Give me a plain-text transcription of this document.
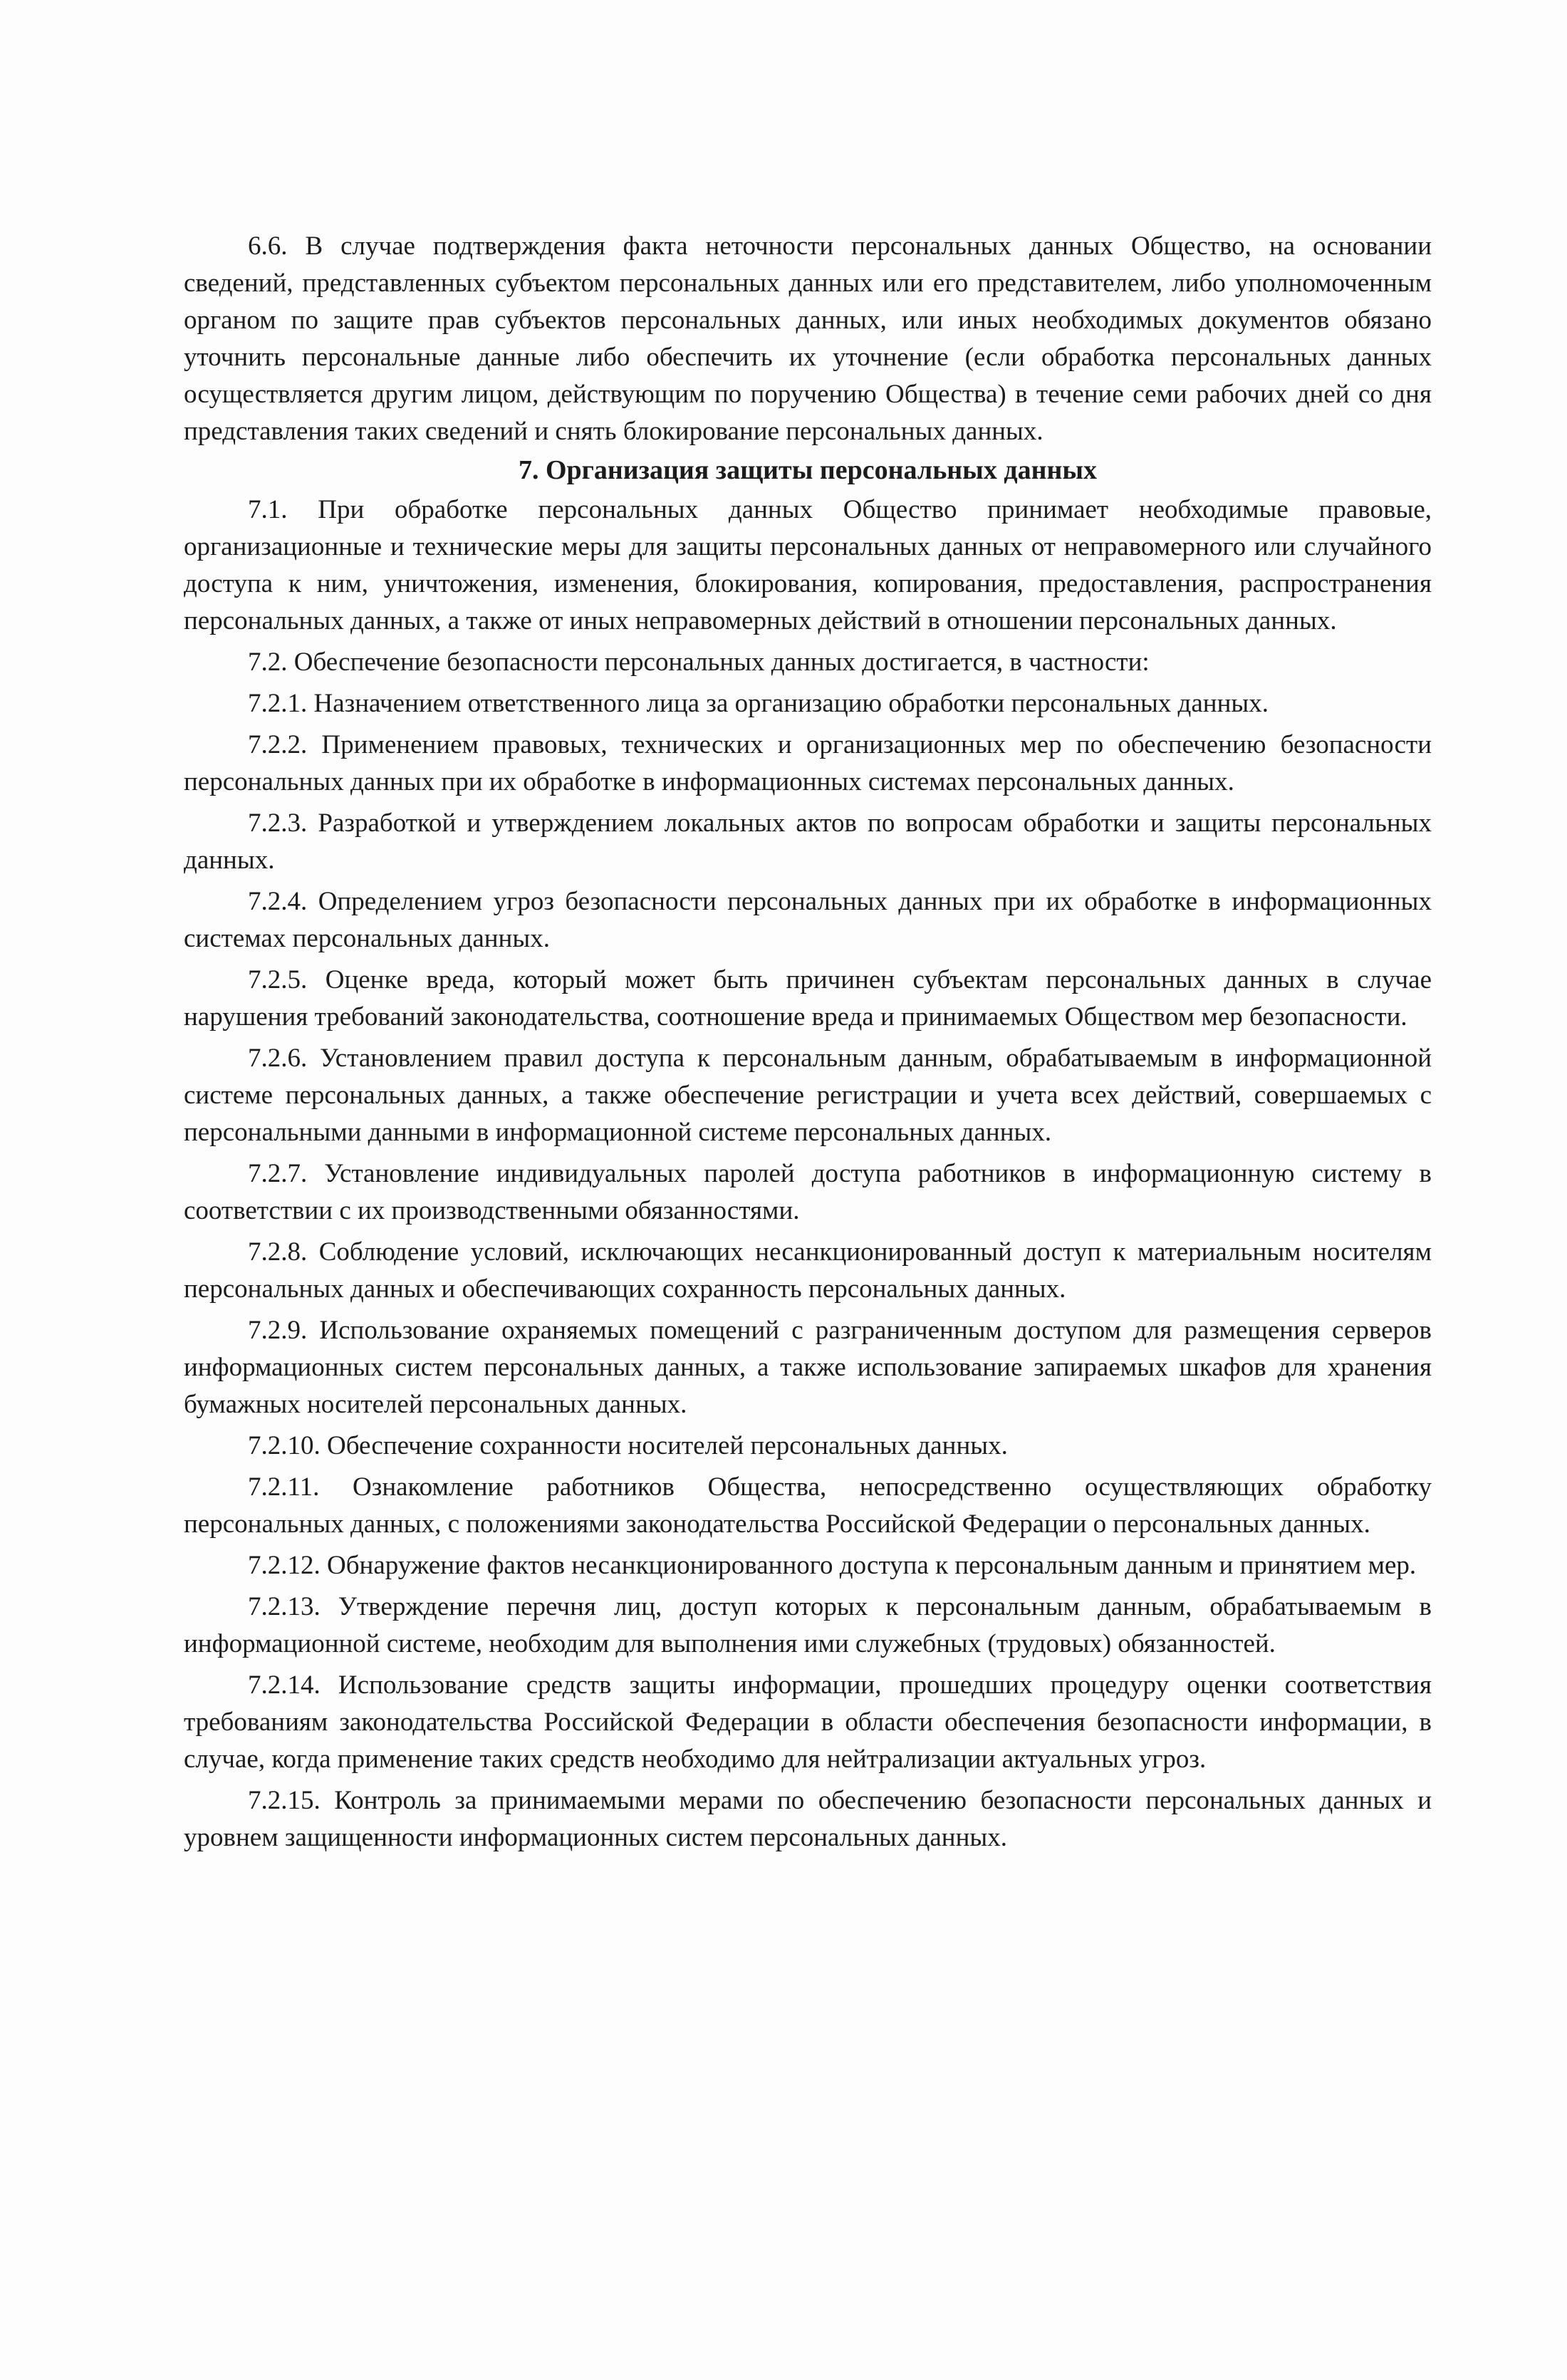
6.6. В случае подтверждения факта неточности персональных данных Общество, на основании сведений, представленных субъектом персональных данных или его представителем, либо уполномоченным органом по защите прав субъектов персональных данных, или иных необходимых документов обязано уточнить персональные данные либо обеспечить их уточнение (если обработка персональных данных осуществляется другим лицом, действующим по поручению Общества) в течение семи рабочих дней со дня представления таких сведений и снять блокирование персональных данных.

7. Организация защиты персональных данных

7.1. При обработке персональных данных Общество принимает необходимые правовые, организационные и технические меры для защиты персональных данных от неправомерного или случайного доступа к ним, уничтожения, изменения, блокирования, копирования, предоставления, распространения персональных данных, а также от иных неправомерных действий в отношении персональных данных.

7.2. Обеспечение безопасности персональных данных достигается, в частности:

7.2.1. Назначением ответственного лица за организацию обработки персональных данных.

7.2.2. Применением правовых, технических и организационных мер по обеспечению безопасности персональных данных при их обработке в информационных системах персональных данных.

7.2.3. Разработкой и утверждением локальных актов по вопросам обработки и защиты персональных данных.

7.2.4. Определением угроз безопасности персональных данных при их обработке в информационных системах персональных данных.

7.2.5. Оценке вреда, который может быть причинен субъектам персональных данных в случае нарушения требований законодательства, соотношение вреда и принимаемых Обществом мер безопасности.

7.2.6. Установлением правил доступа к персональным данным, обрабатываемым в информационной системе персональных данных, а также обеспечение регистрации и учета всех действий, совершаемых с персональными данными в информационной системе персональных данных.

7.2.7. Установление индивидуальных паролей доступа работников в информационную систему в соответствии с их производственными обязанностями.

7.2.8. Соблюдение условий, исключающих несанкционированный доступ к материальным носителям персональных данных и обеспечивающих сохранность персональных данных.

7.2.9. Использование охраняемых помещений с разграниченным доступом для размещения серверов информационных систем персональных данных, а также использование запираемых шкафов для хранения бумажных носителей персональных данных.

7.2.10. Обеспечение сохранности носителей персональных данных.

7.2.11. Ознакомление работников Общества, непосредственно осуществляющих обработку персональных данных, с положениями законодательства Российской Федерации о персональных данных.

7.2.12. Обнаружение фактов несанкционированного доступа к персональным данным и принятием мер.

7.2.13. Утверждение перечня лиц, доступ которых к персональным данным, обрабатываемым в информационной системе, необходим для выполнения ими служебных (трудовых) обязанностей.

7.2.14. Использование средств защиты информации, прошедших процедуру оценки соответствия требованиям законодательства Российской Федерации в области обеспечения безопасности информации, в случае, когда применение таких средств необходимо для нейтрализации актуальных угроз.

7.2.15. Контроль за принимаемыми мерами по обеспечению безопасности персональных данных и уровнем защищенности информационных систем персональных данных.
